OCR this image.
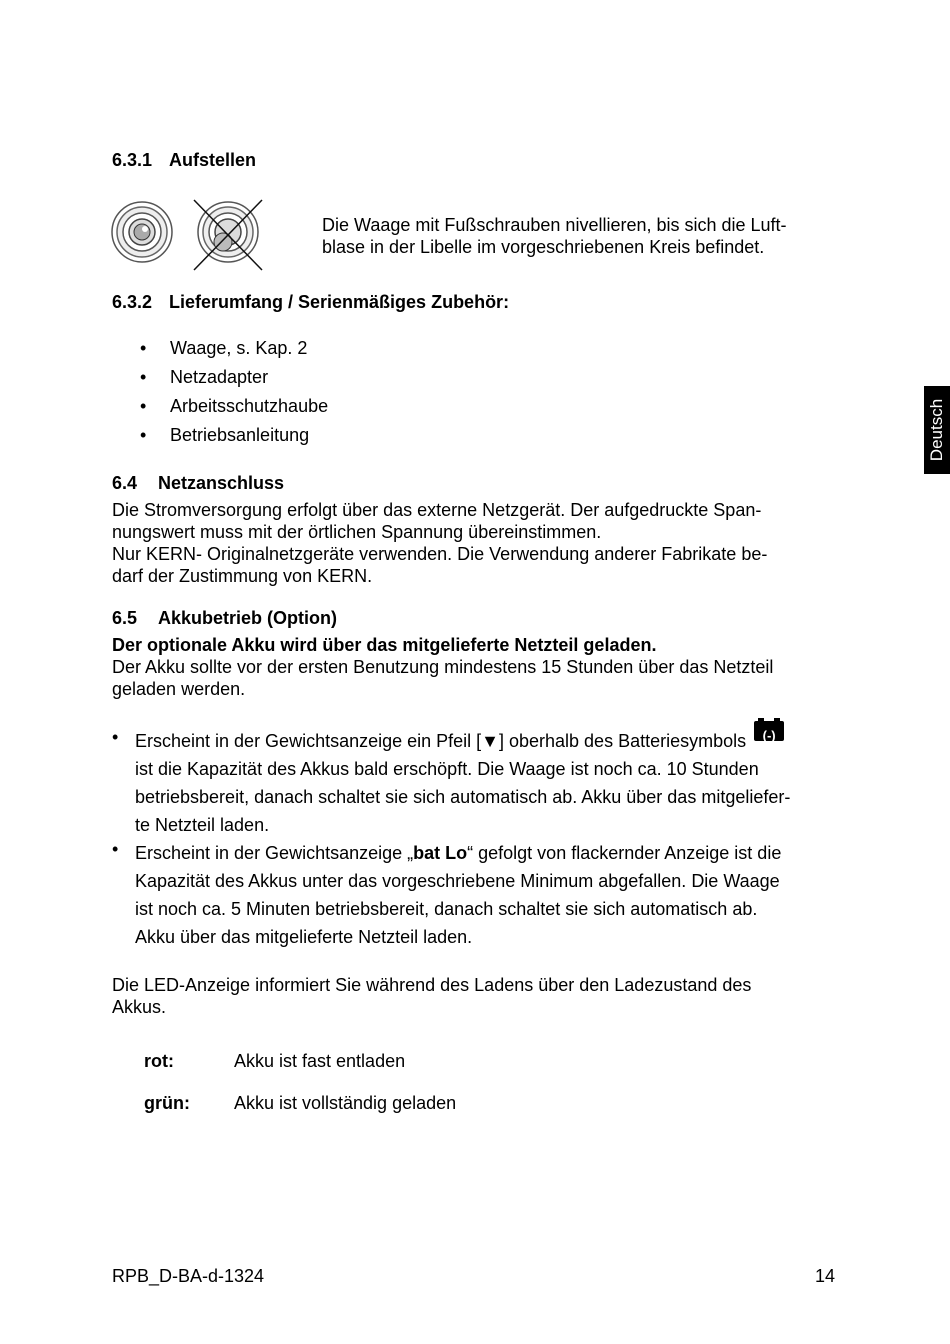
Deutsch
6.3.1 Aufstellen
Die Waage mit Fußschrauben nivellieren, bis sich die Luft-
blase in der Libelle im vorgeschriebenen Kreis befindet.
6.3.2 Lieferumfang / Serienmäßiges Zubehör:
• Waage, s. Kap. 2
• Netzadapter
• Arbeitsschutzhaube
• Betriebsanleitung
6.4 Netzanschluss
Die Stromversorgung erfolgt über das externe Netzgerät. Der aufgedruckte Span-
nungswert muss mit der örtlichen Spannung übereinstimmen.
Nur KERN- Originalnetzgeräte verwenden. Die Verwendung anderer Fabrikate be-
darf der Zustimmung von KERN.
6.5 Akkubetrieb (Option)
Der optionale Akku wird über das mitgelieferte Netzteil geladen.
Der Akku sollte vor der ersten Benutzung mindestens 15 Stunden über das Netzteil
geladen werden.
• Erscheint in der Gewichtsanzeige ein Pfeil [▼] oberhalb des Batteriesymbols	(-)
ist die Kapazität des Akkus bald erschöpft. Die Waage ist noch ca. 10 Stunden
betriebsbereit, danach schaltet sie sich automatisch ab. Akku über das mitgeliefer-
te Netzteil laden.
• Erscheint in der Gewichtsanzeige „bat Lo“ gefolgt von flackernder Anzeige ist die
Kapazität des Akkus unter das vorgeschriebene Minimum abgefallen. Die Waage
ist noch ca. 5 Minuten betriebsbereit, danach schaltet sie sich automatisch ab.
Akku über das mitgelieferte Netzteil laden.
Die LED-Anzeige informiert Sie während des Ladens über den Ladezustand des
Akkus.
rot:	Akku ist fast entladen
grün: Akku ist vollständig geladen
RPB_D-BA-d-1324	14
